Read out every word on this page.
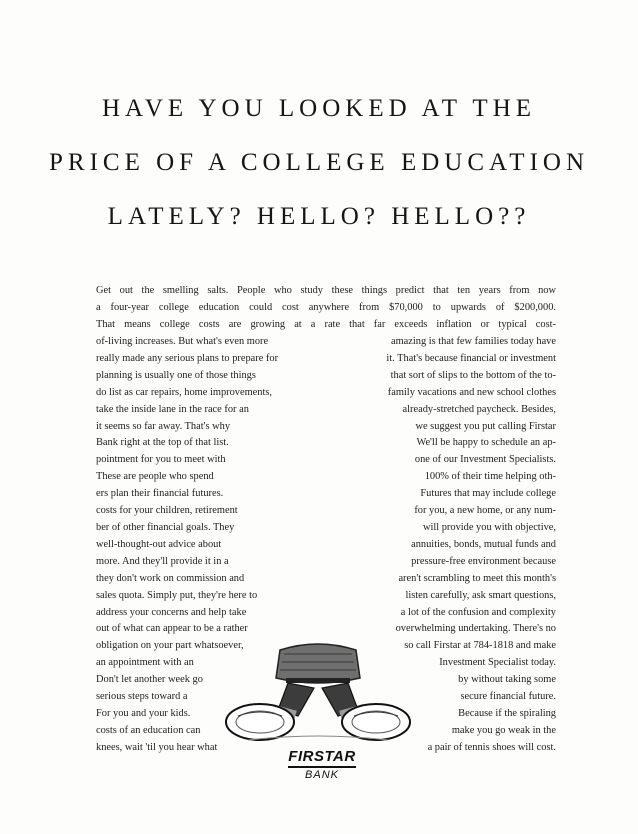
HAVE YOU LOOKED AT THE
PRICE OF A COLLEGE EDUCATION
LATELY? HELLO? HELLO??
Get out the smelling salts. People who study these things predict that ten years from now
a four-year college education could cost anywhere from $70,000 to upwards of $200,000.
That means college costs are growing at a rate that far exceeds inflation or typical cost-
of-living increases. But what's even more
really made any serious plans to prepare for
planning is usually one of those things
do list as car repairs, home improvements,
take the inside lane in the race for an
it seems so far away. That's why
Bank right at the top of that list.
pointment for you to meet with
These are people who spend
ers plan their financial futures.
costs for your children, retirement
ber of other financial goals. They
well-thought-out advice about
more. And they'll provide it in a
they don't work on commission and
sales quota. Simply put, they're here to
address your concerns and help take
out of what can appear to be a rather
obligation on your part whatsoever,
an appointment with an
Don't let another week go
serious steps toward a
For you and your kids.
costs of an education can
knees, wait 'til you hear what
amazing is that few families today have
it. That's because financial or investment
that sort of slips to the bottom of the to-
family vacations and new school clothes
already-stretched paycheck. Besides,
we suggest you put calling Firstar
We'll be happy to schedule an ap-
one of our Investment Specialists.
100% of their time helping oth-
Futures that may include college
for you, a new home, or any num-
will provide you with objective,
annuities, bonds, mutual funds and
pressure-free environment because
aren't scrambling to meet this month's
listen carefully, ask smart questions,
a lot of the confusion and complexity
overwhelming undertaking. There's no
so call Firstar at 784-1818 and make
Investment Specialist today.
by without taking some
secure financial future.
Because if the spiraling
make you go weak in the
a pair of tennis shoes will cost.
FIRSTAR
BANK
